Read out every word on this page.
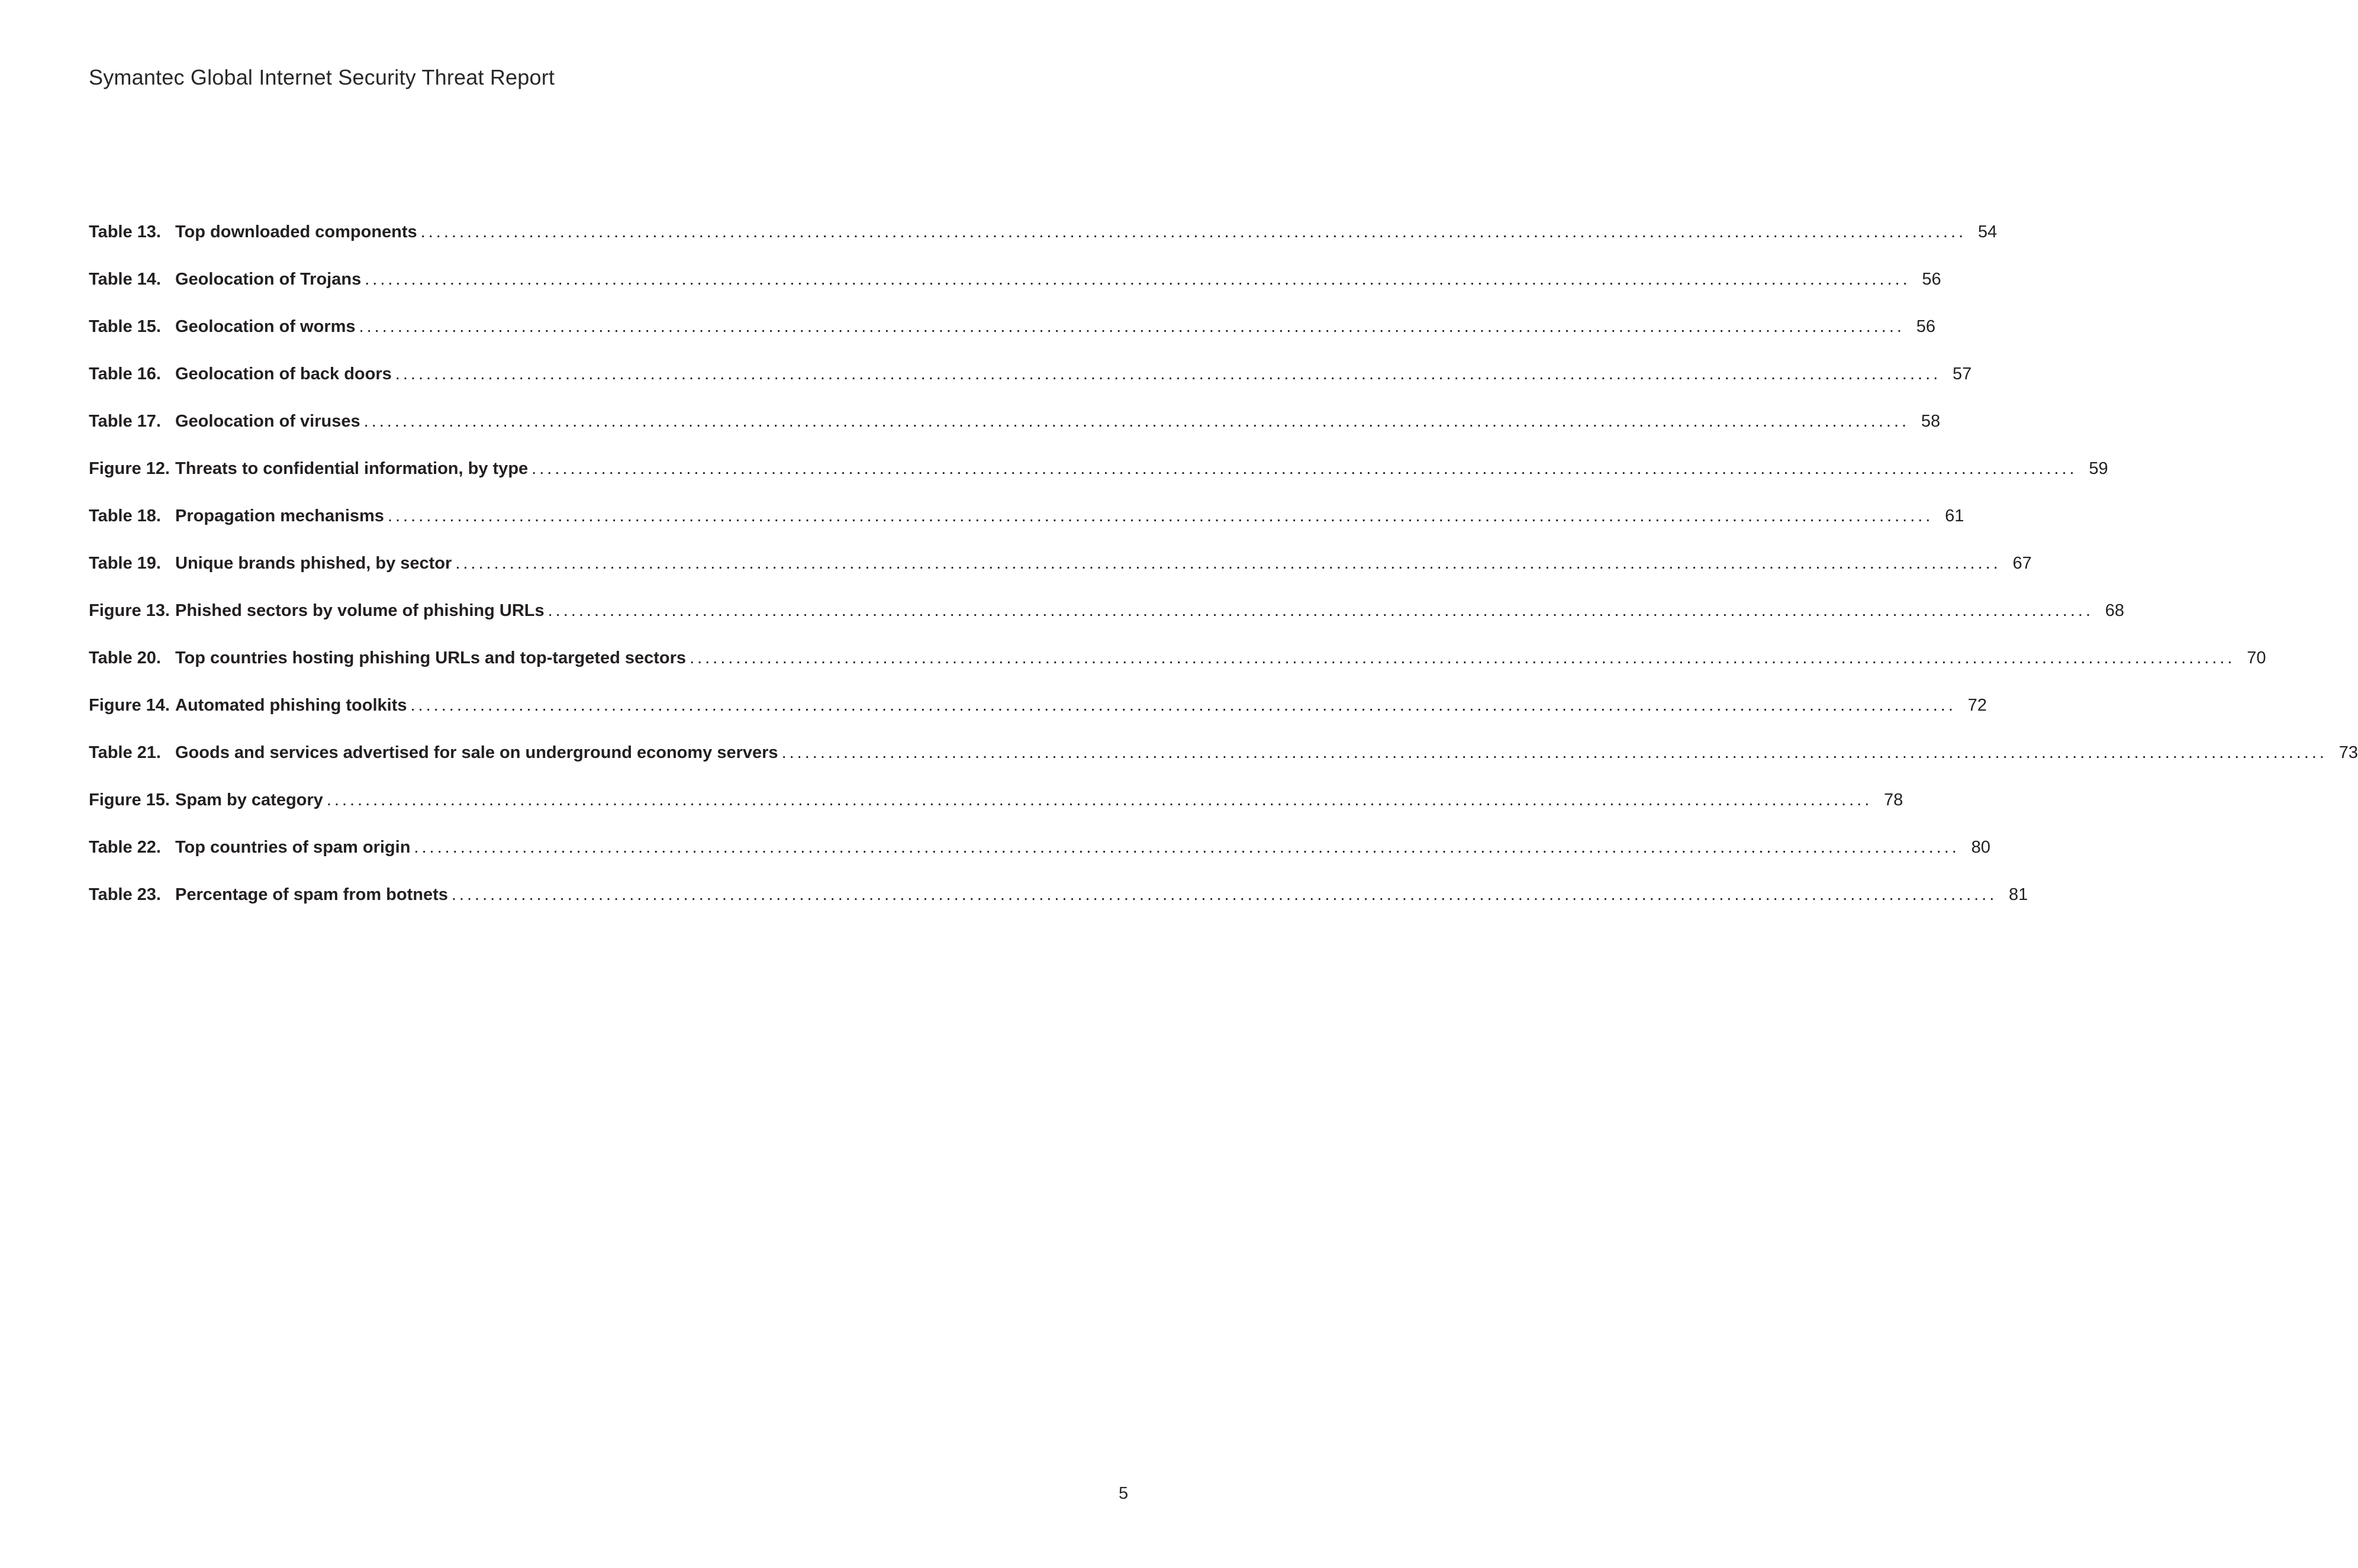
Symantec Global Internet Security Threat Report
Table 13. Top downloaded components ........................................................................................................................................................................................................ 54
Table 14. Geolocation of Trojans ........................................................................................................................................................................................................ 56
Table 15. Geolocation of worms ........................................................................................................................................................................................................ 56
Table 16. Geolocation of back doors ........................................................................................................................................................................................................ 57
Table 17. Geolocation of viruses ........................................................................................................................................................................................................ 58
Figure 12. Threats to confidential information, by type ........................................................................................................................................................................................................ 59
Table 18. Propagation mechanisms ........................................................................................................................................................................................................ 61
Table 19. Unique brands phished, by sector ........................................................................................................................................................................................................ 67
Figure 13. Phished sectors by volume of phishing URLs ........................................................................................................................................................................................................ 68
Table 20. Top countries hosting phishing URLs and top-targeted sectors ........................................................................................................................................................................................................ 70
Figure 14. Automated phishing toolkits ........................................................................................................................................................................................................ 72
Table 21. Goods and services advertised for sale on underground economy servers ........................................................................................................................................................................................................ 73
Figure 15. Spam by category ........................................................................................................................................................................................................ 78
Table 22. Top countries of spam origin ........................................................................................................................................................................................................ 80
Table 23. Percentage of spam from botnets ........................................................................................................................................................................................................ 81
5
